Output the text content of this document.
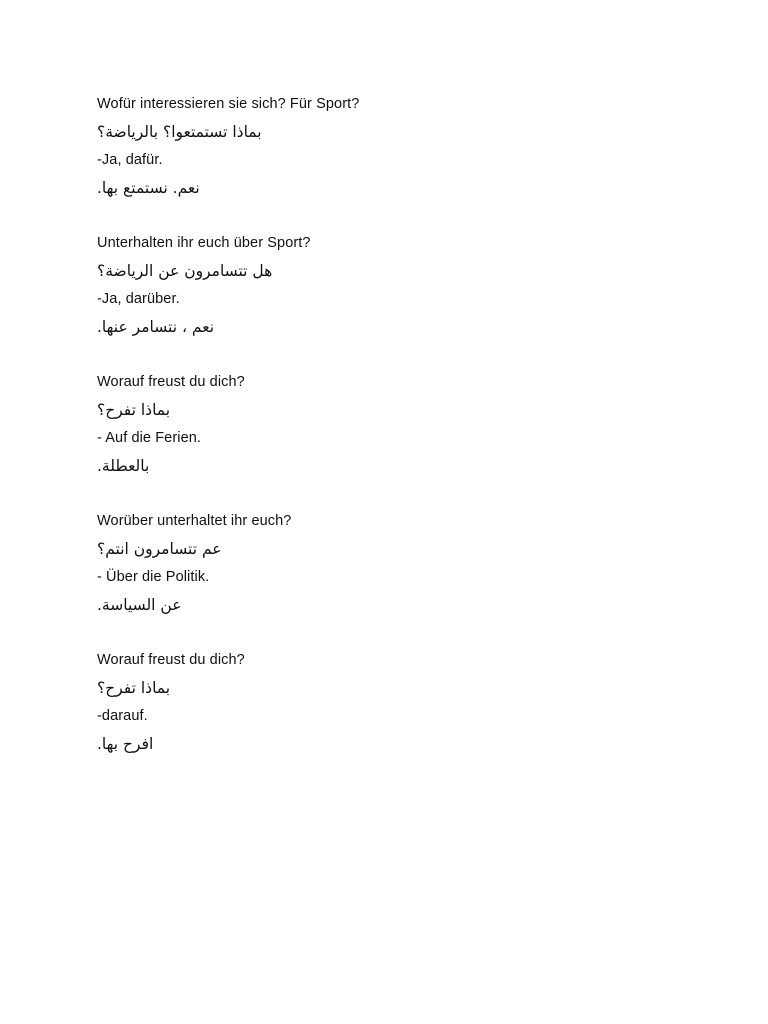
Wofür interessieren sie sich? Für Sport?
بماذا تستمتعوا؟ بالرياضة؟
-Ja, dafür.
نعم. نستمتع بها.
Unterhalten ihr euch über Sport?
هل تتسامرون عن الرياضة؟
-Ja, darüber.
نعم ، نتسامر عنها.
Worauf freust du dich?
بماذا تفرح؟
- Auf die Ferien.
بالعطلة.
Worüber unterhaltet ihr euch?
عم تتسامرون انتم؟
- Über die Politik.
عن السياسة.
Worauf freust du dich?
بماذا تفرح؟
-darauf.
افرح بها.
